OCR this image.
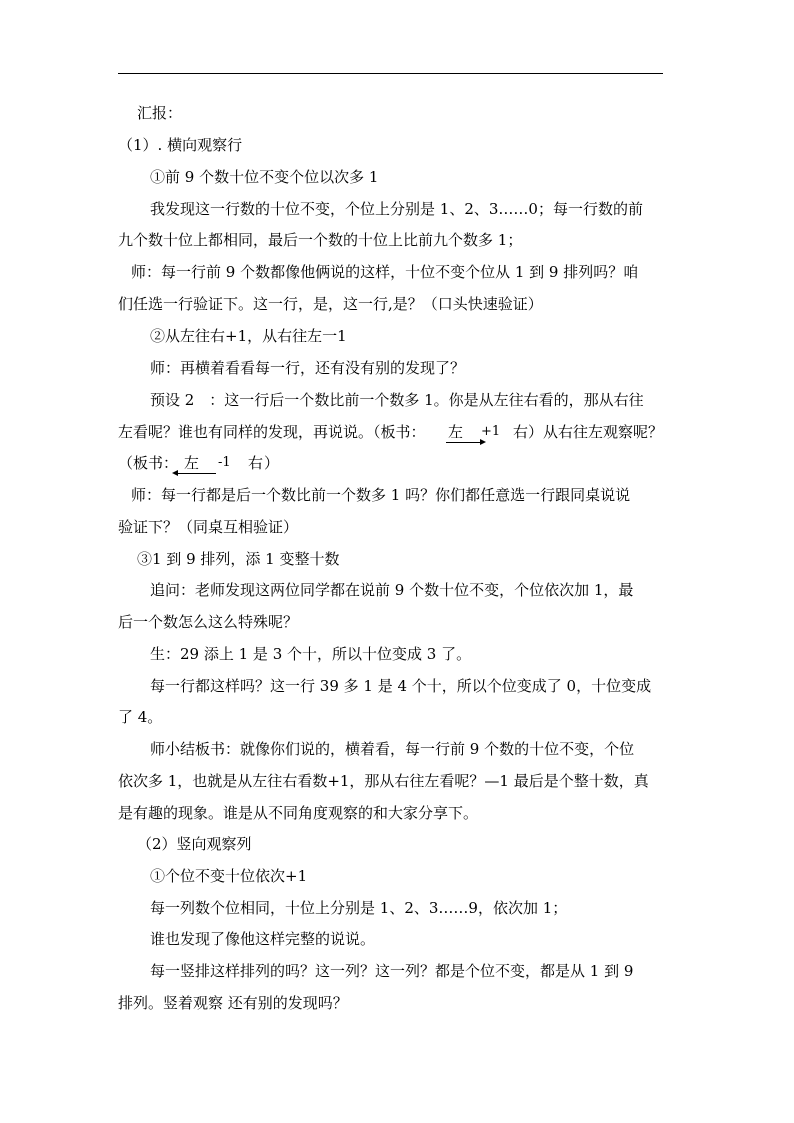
汇报：
（1）. 横向观察行
①前 9 个数十位不变个位以次多 1
我发现这一行数的十位不变，个位上分别是 1、2、3……0；每一行数的前
九个数十位上都相同，最后一个数的十位上比前九个数多 1；
师：每一行前 9 个数都像他俩说的这样，十位不变个位从 1 到 9 排列吗？咱
们任选一行验证下。这一行，是，这一行,是？（口头快速验证）
②从左往右+1，从右往左一1
师：再横着看看每一行，还有没有别的发现了？
预设 2　：这一行后一个数比前一个数多 1。你是从左往右看的，那从右往
左看呢？谁也有同样的发现，再说说。（板书： 左 +1 右 ）从右往左观察呢？
（板书： 左 -1 右 ）
师：每一行都是后一个数比前一个数多 1 吗？你们都任意选一行跟同桌说说
验证下？（同桌互相验证）
③1 到 9 排列，添 1 变整十数
追问：老师发现这两位同学都在说前 9 个数十位不变，个位依次加 1，最
后一个数怎么这么特殊呢？
生：29 添上 1 是 3 个十，所以十位变成 3 了。
每一行都这样吗？这一行 39 多 1 是 4 个十，所以个位变成了 0，十位变成
了 4。
师小结板书：就像你们说的，横着看，每一行前 9 个数的十位不变，个位
依次多 1，也就是从左往右看数+1，那从右往左看呢？—1 最后是个整十数，真
是有趣的现象。谁是从不同角度观察的和大家分享下。
（2）竖向观察列
①个位不变十位依次+1
每一列数个位相同，十位上分别是 1、2、3……9，依次加 1；
谁也发现了像他这样完整的说说。
每一竖排这样排列的吗？这一列？这一列？都是个位不变，都是从 1 到 9
排列。竖着观察 还有别的发现吗？
